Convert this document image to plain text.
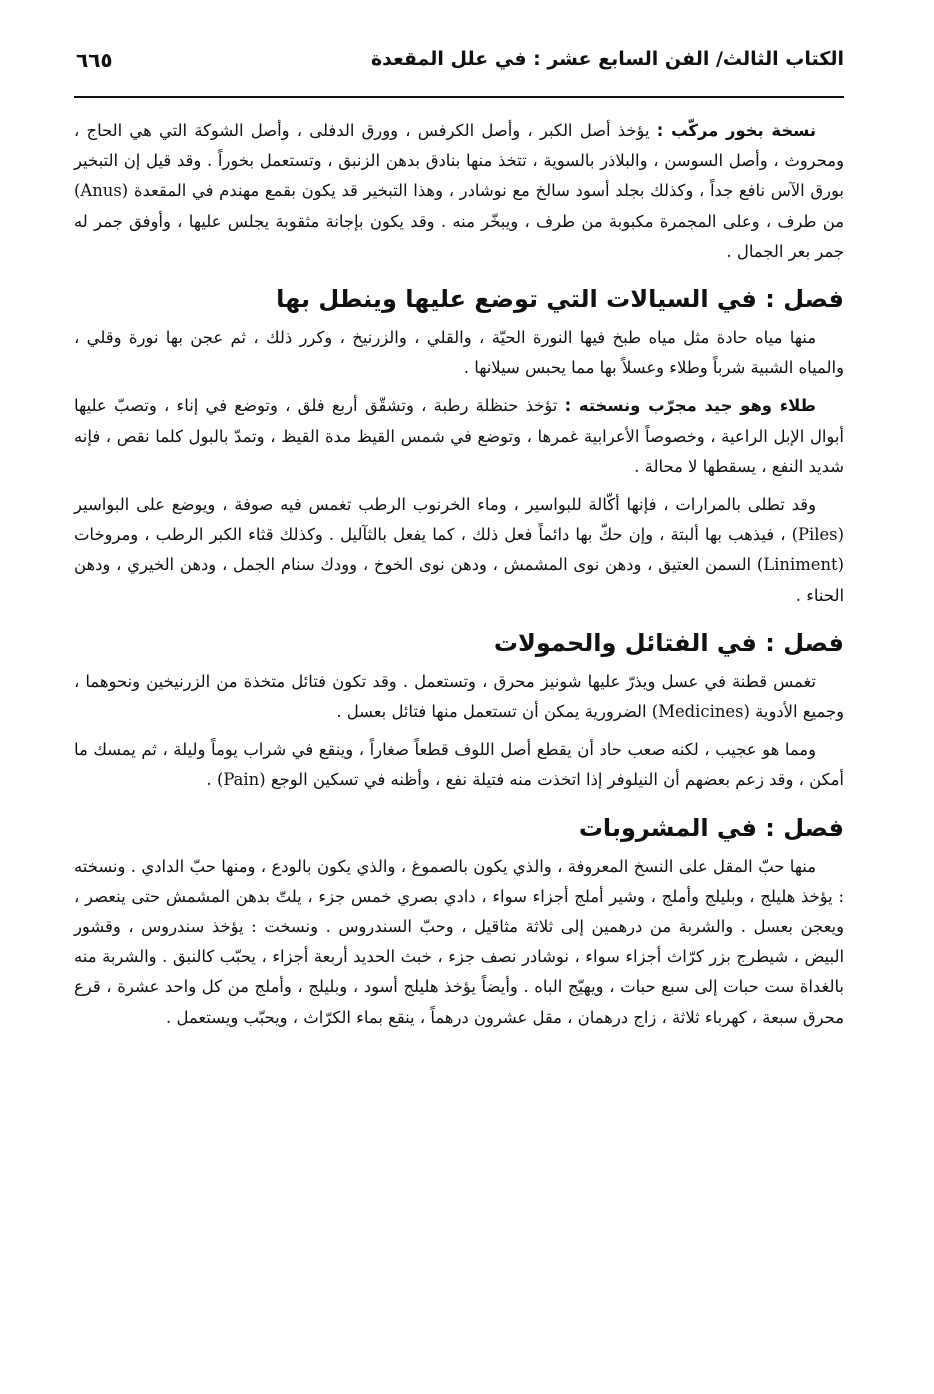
الكتاب الثالث/ الفن السابع عشر : في علل المقعدة
٦٦٥

نسخة بخور مركّب : يؤخذ أصل الكبر ، وأصل الكرفس ، وورق الدفلى ، وأصل الشوكة التي هي الحاج ، ومحروث ، وأصل السوسن ، والبلاذر بالسوية ، تتخذ منها بنادق بدهن الزنبق ، وتستعمل بخوراً . وقد قيل إن التبخير بورق الآس نافع جداً ، وكذلك بجلد أسود سالخ مع نوشادر ، وهذا التبخير قد يكون بقمع مهندم في المقعدة (Anus) من طرف ، وعلى المجمرة مكبوبة من طرف ، ويبخّر منه . وقد يكون بإجانة مثقوبة يجلس عليها ، وأوفق جمر له جمر بعر الجمال .

فصل : في السيالات التي توضع عليها وينطل بها

منها مياه حادة مثل مياه طبخ فيها النورة الحيّة ، والقلي ، والزرنيخ ، وكرر ذلك ، ثم عجن بها نورة وقلي ، والمياه الشبية شرباً وطلاء وعسلاً بها مما يحبس سيلانها .

طلاء وهو جيد مجرّب ونسخته : تؤخذ حنظلة رطبة ، وتشقّق أربع فلق ، وتوضع في إناء ، وتصبّ عليها أبوال الإبل الراعية ، وخصوصاً الأعرابية غمرها ، وتوضع في شمس القيظ مدة القيظ ، وتمدّ بالبول كلما نقص ، فإنه شديد النفع ، يسقطها لا محالة .

وقد تطلى بالمرارات ، فإنها أكّالة للبواسير ، وماء الخرنوب الرطب تغمس فيه صوفة ، ويوضع على البواسير (Piles) ، فيذهب بها ألبتة ، وإن حكّ بها دائماً فعل ذلك ، كما يفعل بالثآليل . وكذلك قثاء الكبر الرطب ، ومروخات (Liniment) السمن العتيق ، ودهن نوى المشمش ، ودهن نوى الخوخ ، وودك سنام الجمل ، ودهن الخيري ، ودهن الحناء .

فصل : في الفتائل والحمولات

تغمس قطنة في عسل ويذرّ عليها شونيز محرق ، وتستعمل . وقد تكون فتائل متخذة من الزرنيخين ونحوهما ، وجميع الأدوية (Medicines) الضرورية يمكن أن تستعمل منها فتائل بعسل .

ومما هو عجيب ، لكنه صعب حاد أن يقطع أصل اللوف قطعاً صغاراً ، وينقع في شراب يوماً وليلة ، ثم يمسك ما أمكن ، وقد زعم بعضهم أن النيلوفر إذا اتخذت منه فتيلة نفع ، وأظنه في تسكين الوجع (Pain) .

فصل : في المشروبات

منها حبّ المقل على النسخ المعروفة ، والذي يكون بالصموغ ، والذي يكون بالودع ، ومنها حبّ الدادي . ونسخته : يؤخذ هليلج ، وبليلج وأملج ، وشير أملج أجزاء سواء ، دادي بصري خمس جزء ، يلتّ بدهن المشمش حتى ينعصر ، ويعجن بعسل . والشربة من درهمين إلى ثلاثة مثاقيل ، وحبّ السندروس . ونسخت : يؤخذ سندروس ، وقشور البيض ، شيطرج بزر كرّاث أجزاء سواء ، نوشادر نصف جزء ، خبث الحديد أربعة أجزاء ، يحبّب كالنبق . والشربة منه بالغداة ست حبات إلى سبع حبات ، ويهيّج الباه . وأيضاً يؤخذ هليلج أسود ، وبليلج ، وأملج من كل واحد عشرة ، قرع محرق سبعة ، كهرباء ثلاثة ، زاج درهمان ، مقل عشرون درهماً ، ينقع بماء الكرّاث ، ويحبّب ويستعمل .
